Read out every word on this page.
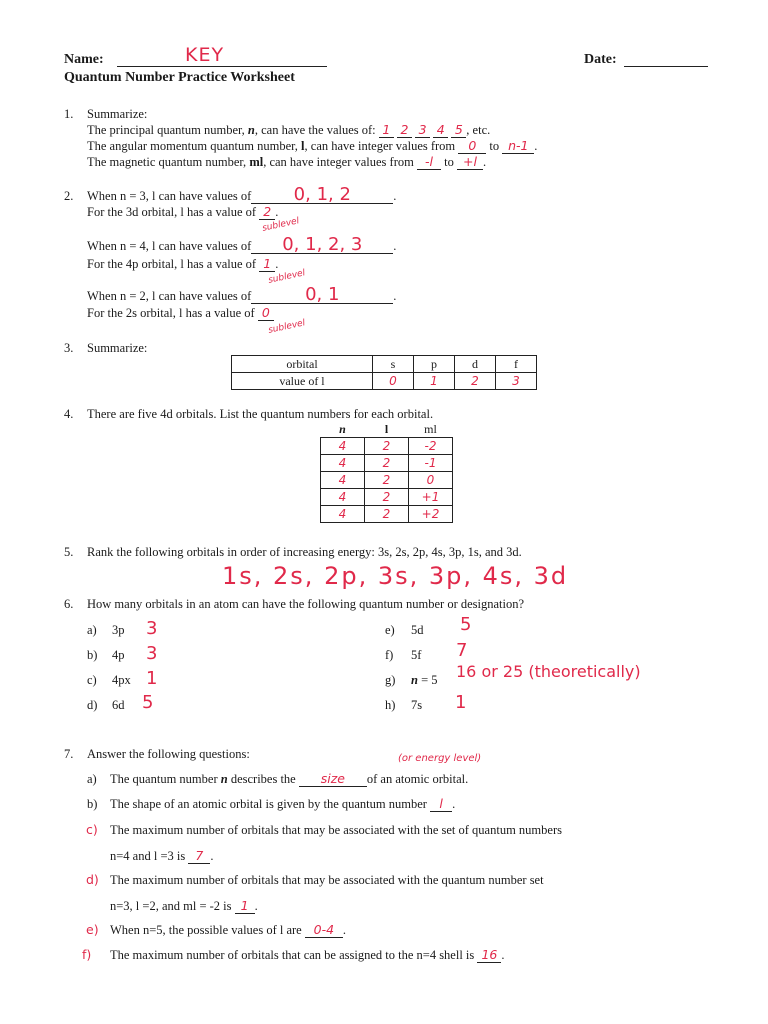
Name:	KEY	Date:
Quantum Number Practice Worksheet
1. Summarize:
The principal quantum number, n, can have the values of: 1 2 3 4 5 , etc.
The angular momentum quantum number, l, can have integer values from 0 to n-1 .
The magnetic quantum number, ml, can have integer values from -l to +l .
2. When n = 3, l can have values of 0, 1, 2	.
For the 3d orbital, l has a value of 2 .
sublevel
When n = 4, l can have values of 0, 1, 2, 3 .
For the 4p orbital, l has a value of 1 .
sublevel
When n = 2, l can have values of	0, 1	.
For the 2s orbital, l has a value of 0
sublevel
3. Summarize:
orbital	s	p	d	f
value of l	0	1	2	3
4. There are five 4d orbitals. List the quantum numbers for each orbital.
n	l	ml
4	2	-2
4	2	-1
4	2	0
4	2	+1
4	2	+2
5. Rank the following orbitals in order of increasing energy: 3s, 2s, 2p, 4s, 3p, 1s, and 3d.
1s, 2s, 2p, 3s, 3p, 4s, 3d
6. How many orbitals in an atom can have the following quantum number or designation?
a) 3p 3
b) 4p 3
c) 4px 1
d) 6d 5
e) 5d 5
f) 5f 7
g) n = 5 16 or 25 (theoretically)
h) 7s 1
7. Answer the following questions:	(or energy level)
a) The quantum number n describes the size of an atomic orbital.
b) The shape of an atomic orbital is given by the quantum number l .
c) The maximum number of orbitals that may be associated with the set of quantum numbers
n=4 and l =3 is 7 .
d) The maximum number of orbitals that may be associated with the quantum number set
n=3, l =2, and ml = -2 is 1 .
e) When n=5, the possible values of l are 0-4 .
f) The maximum number of orbitals that can be assigned to the n=4 shell is 16 .
